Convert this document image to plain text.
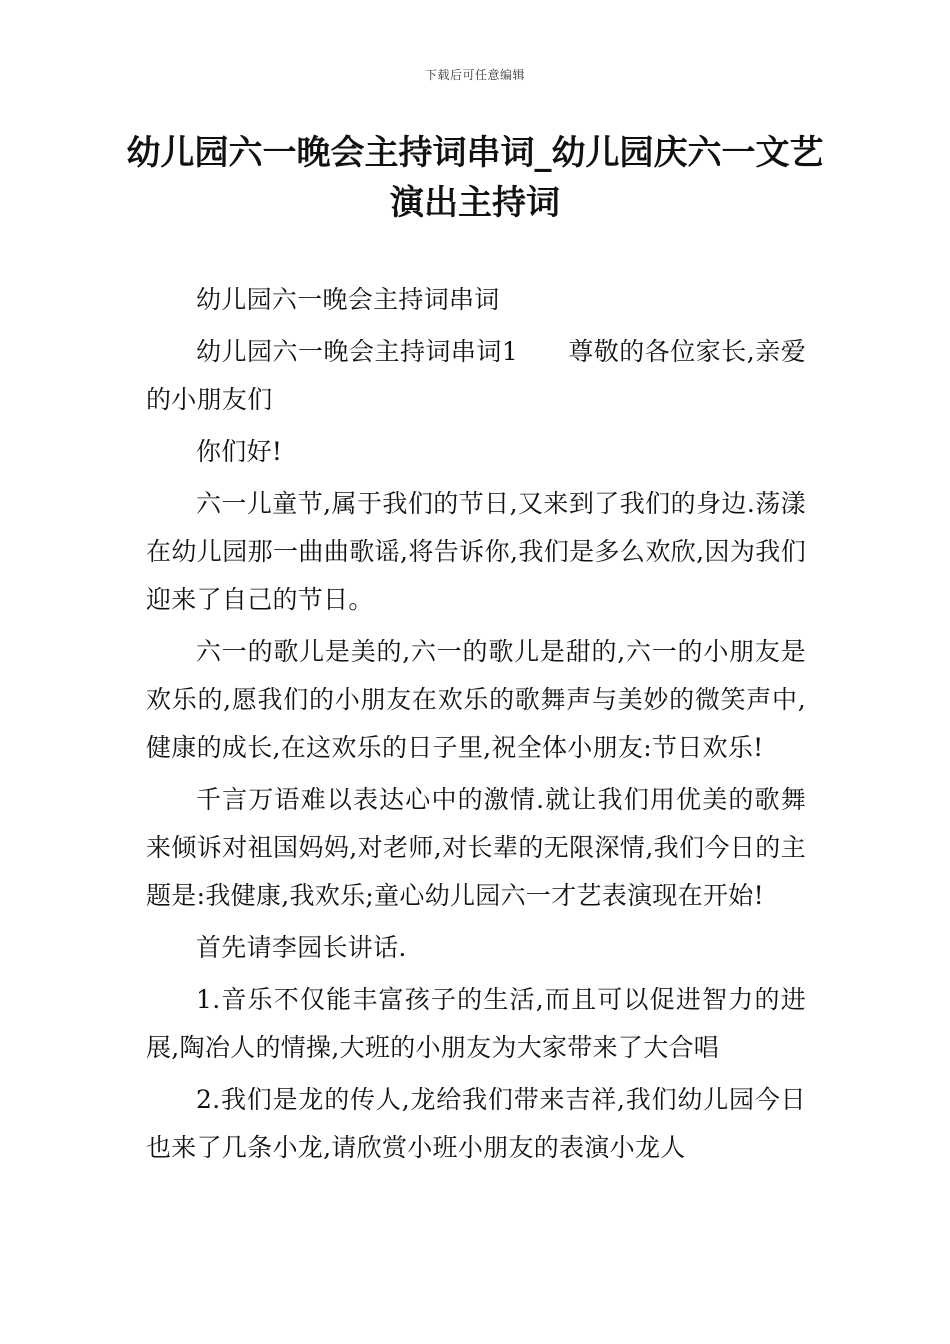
下载后可任意编辑
幼儿园六一晚会主持词串词_幼儿园庆六一文艺演出主持词

幼儿园六一晚会主持词串词

幼儿园六一晚会主持词串词1 尊敬的各位家长,亲爱的小朋友们

你们好!

六一儿童节,属于我们的节日,又来到了我们的身边.荡漾在幼儿园那一曲曲歌谣,将告诉你,我们是多么欢欣,因为我们迎来了自己的节日。

六一的歌儿是美的,六一的歌儿是甜的,六一的小朋友是欢乐的,愿我们的小朋友在欢乐的歌舞声与美妙的微笑声中,健康的成长,在这欢乐的日子里,祝全体小朋友:节日欢乐!

千言万语难以表达心中的激情.就让我们用优美的歌舞来倾诉对祖国妈妈,对老师,对长辈的无限深情,我们今日的主题是:我健康,我欢乐;童心幼儿园六一才艺表演现在开始!

首先请李园长讲话.

1.音乐不仅能丰富孩子的生活,而且可以促进智力的进展,陶冶人的情操,大班的小朋友为大家带来了大合唱

2.我们是龙的传人,龙给我们带来吉祥,我们幼儿园今日也来了几条小龙,请欣赏小班小朋友的表演小龙人
